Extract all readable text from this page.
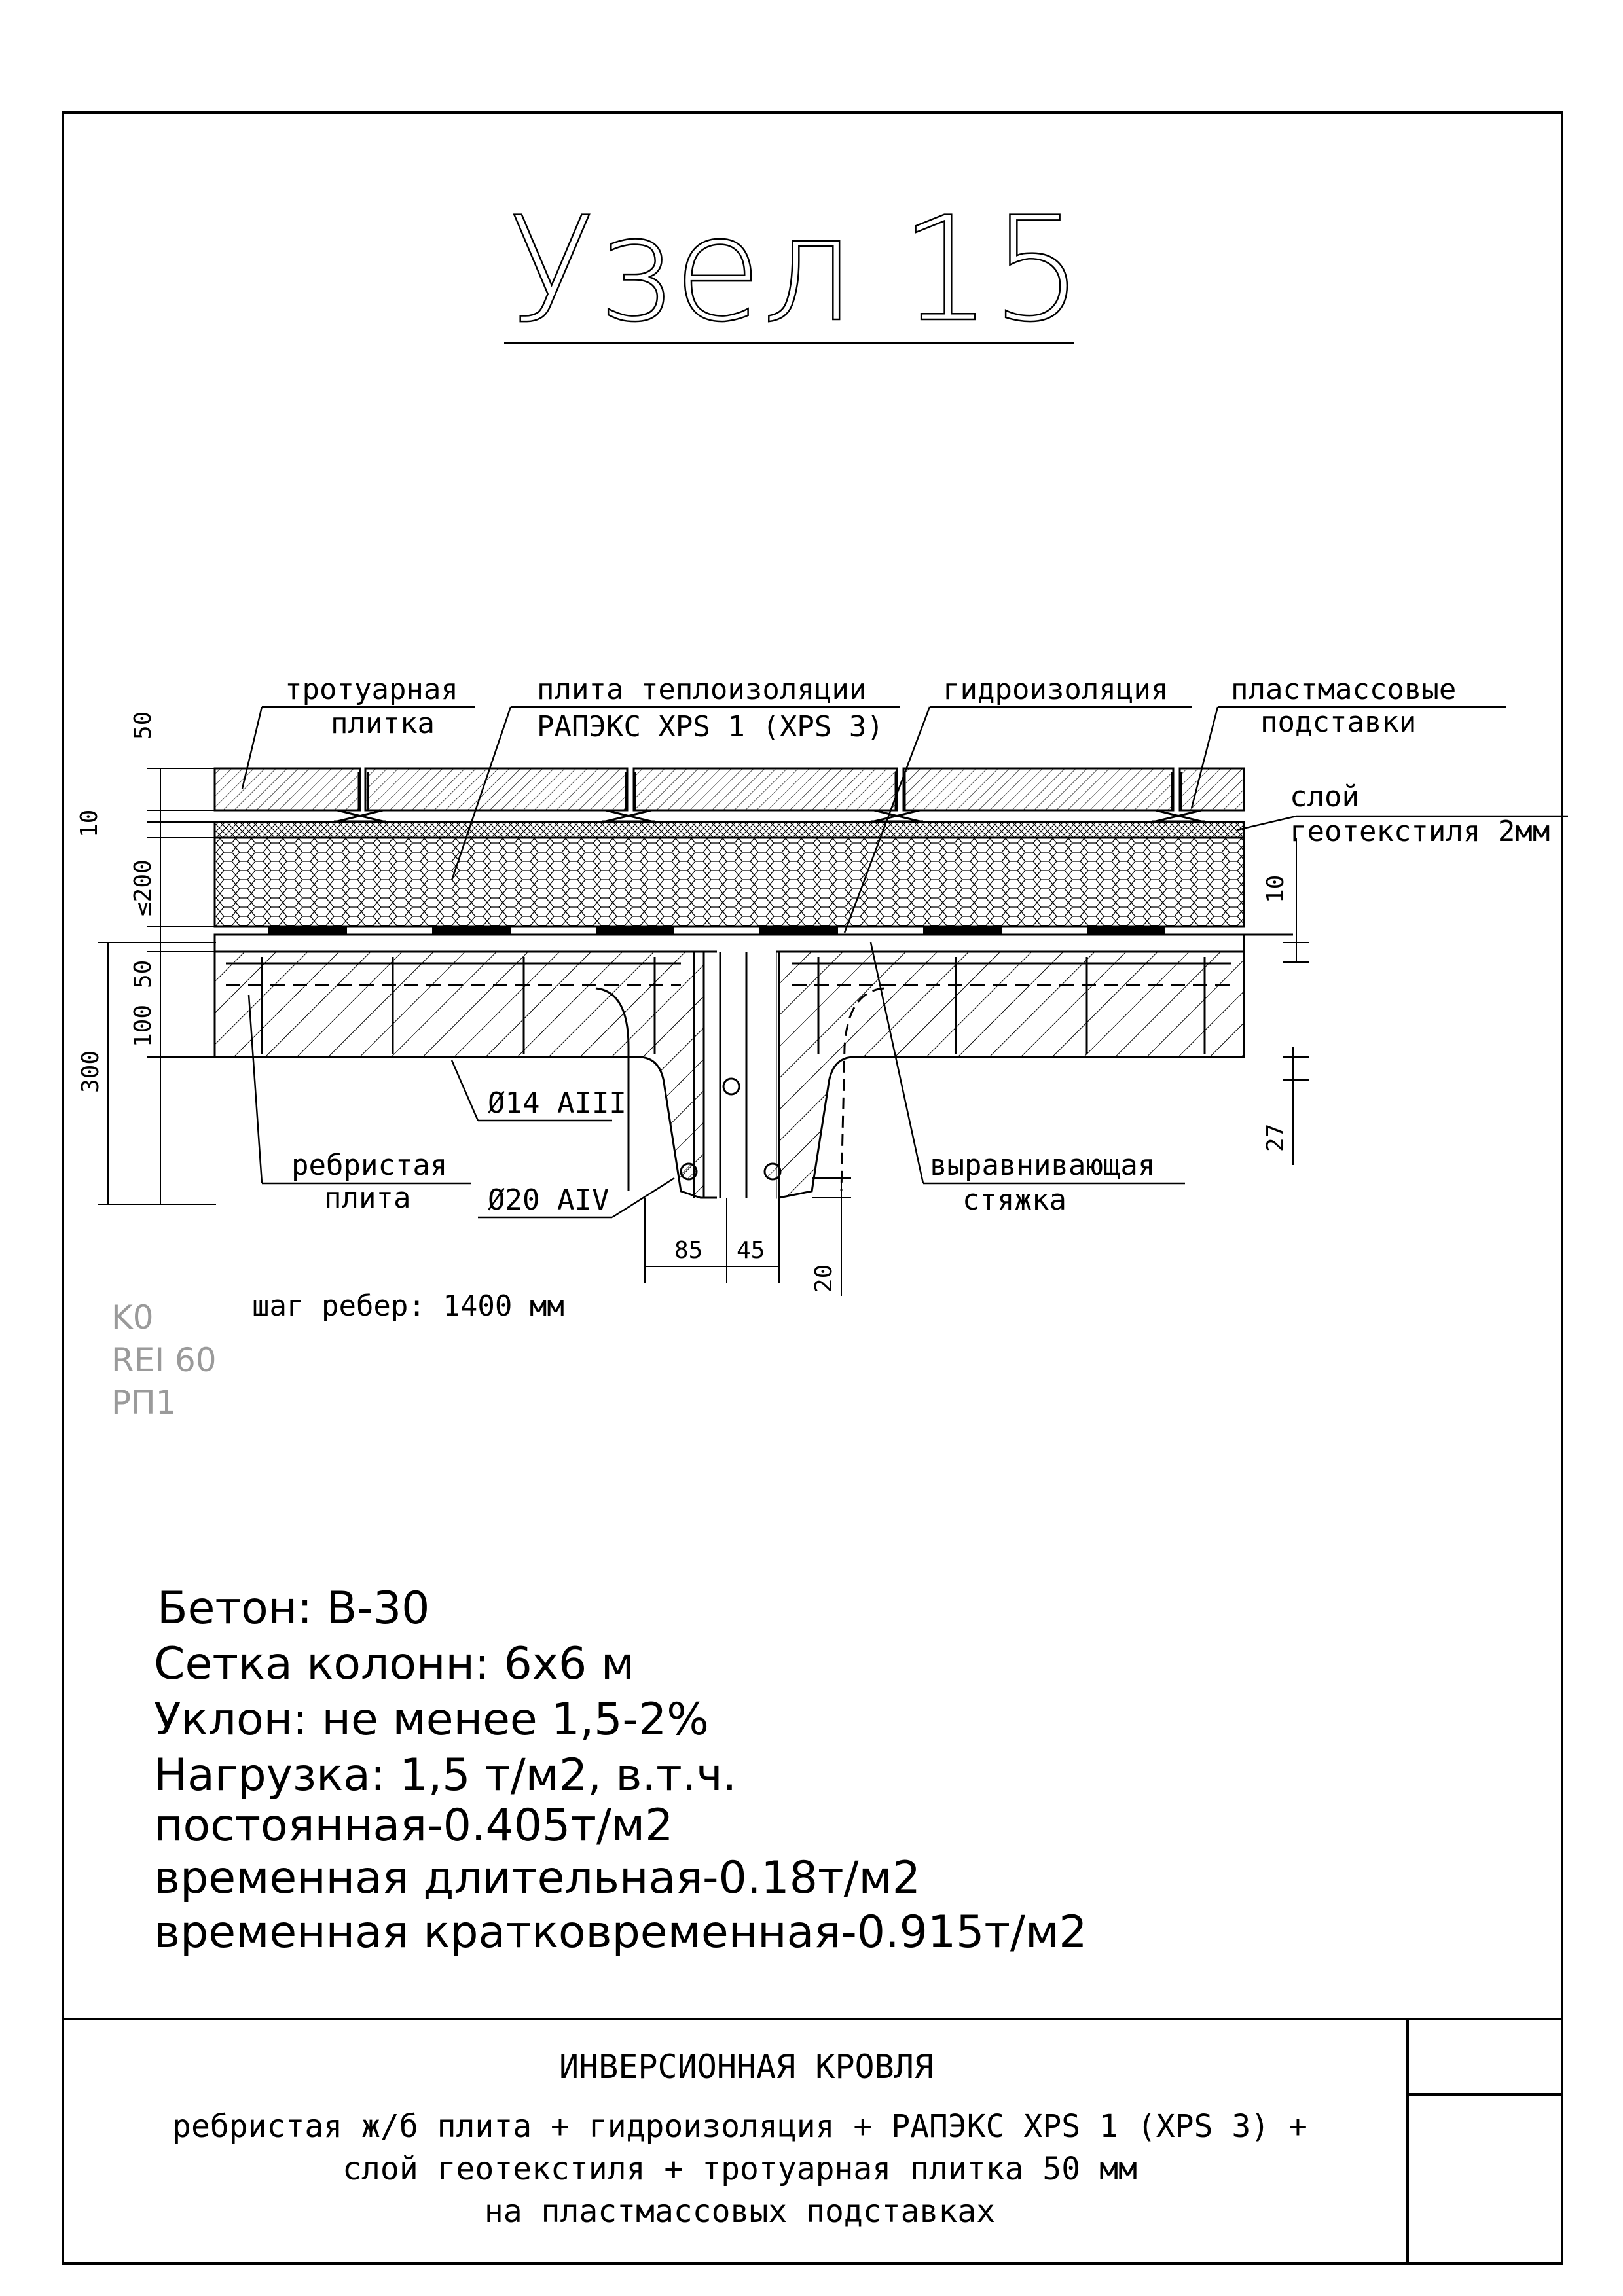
Узел 15
тротуарная
плитка
плита теплоизоляции
РАПЭКС XPS 1 (XPS 3)
гидроизоляция пластмассовые
подставки
слой
геотекстиля 2мм
Ø14 AIII
Ø20 AIV
ребристая
плита
выравнивающая
стяжка
шаг ребер: 1400 мм
50
10
≤200
50
100
300
10
27
85 45
20
K0
REI 60
РП1
Бетон: B-30
Сетка колонн: 6х6 м
Уклон: не менее 1,5-2%
Нагрузка: 1,5 т/м2, в.т.ч.
постоянная-0.405т/м2
временная длительная-0.18т/м2
временная кратковременная-0.915т/м2
ИНВЕРСИОННАЯ КРОВЛЯ
ребристая ж/б плита + гидроизоляция + РАПЭКС XPS 1 (XPS 3) +
слой геотекстиля + тротуарная плитка 50 мм
на пластмассовых подставках
